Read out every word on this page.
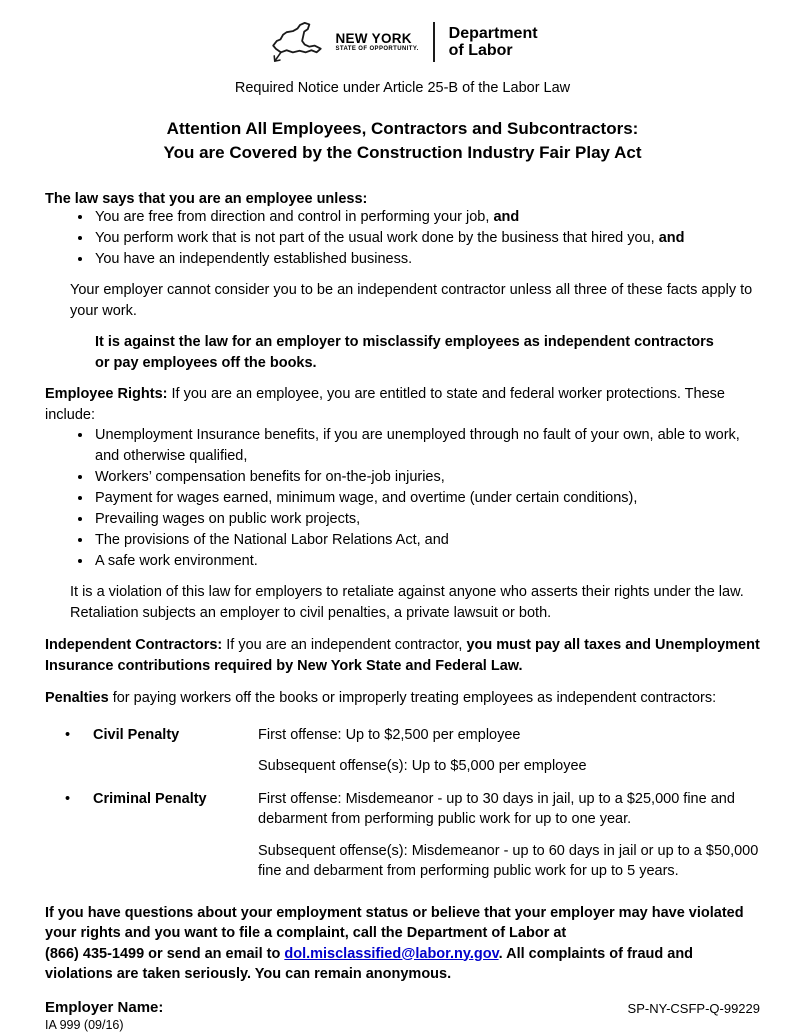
NEW YORK
STATE OF OPPORTUNITY.
Department
of Labor

Required Notice under Article 25-B of the Labor Law

Attention All Employees, Contractors and Subcontractors:
You are Covered by the Construction Industry Fair Play Act

The law says that you are an employee unless:

• You are free from direction and control in performing your job, and
• You perform work that is not part of the usual work done by the business that hired you, and
• You have an independently established business.

Your employer cannot consider you to be an independent contractor unless all three of these facts apply to your work.

It is against the law for an employer to misclassify employees as independent contractors or pay employees off the books.

Employee Rights: If you are an employee, you are entitled to state and federal worker protections. These include:

• Unemployment Insurance benefits, if you are unemployed through no fault of your own, able to work, and otherwise qualified,
• Workers’ compensation benefits for on-the-job injuries,
• Payment for wages earned, minimum wage, and overtime (under certain conditions),
• Prevailing wages on public work projects,
• The provisions of the National Labor Relations Act, and
• A safe work environment.

It is a violation of this law for employers to retaliate against anyone who asserts their rights under the law. Retaliation subjects an employer to civil penalties, a private lawsuit or both.

Independent Contractors: If you are an independent contractor, you must pay all taxes and Unemployment Insurance contributions required by New York State and Federal Law.

Penalties for paying workers off the books or improperly treating employees as independent contractors:

•	Civil Penalty	First offense: Up to $2,500 per employee

Subsequent offense(s): Up to $5,000 per employee

•	Criminal Penalty	First offense: Misdemeanor - up to 30 days in jail, up to a $25,000 fine and debarment from performing public work for up to one year.

Subsequent offense(s): Misdemeanor - up to 60 days in jail or up to a $50,000 fine and debarment from performing public work for up to 5 years.

If you have questions about your employment status or believe that your employer may have violated your rights and you want to file a complaint, call the Department of Labor at
(866) 435-1499 or send an email to dol.misclassified@labor.ny.gov. All complaints of fraud and violations are taken seriously. You can remain anonymous.

Employer Name:	SP-NY-CSFP-Q-99229
IA 999 (09/16)
